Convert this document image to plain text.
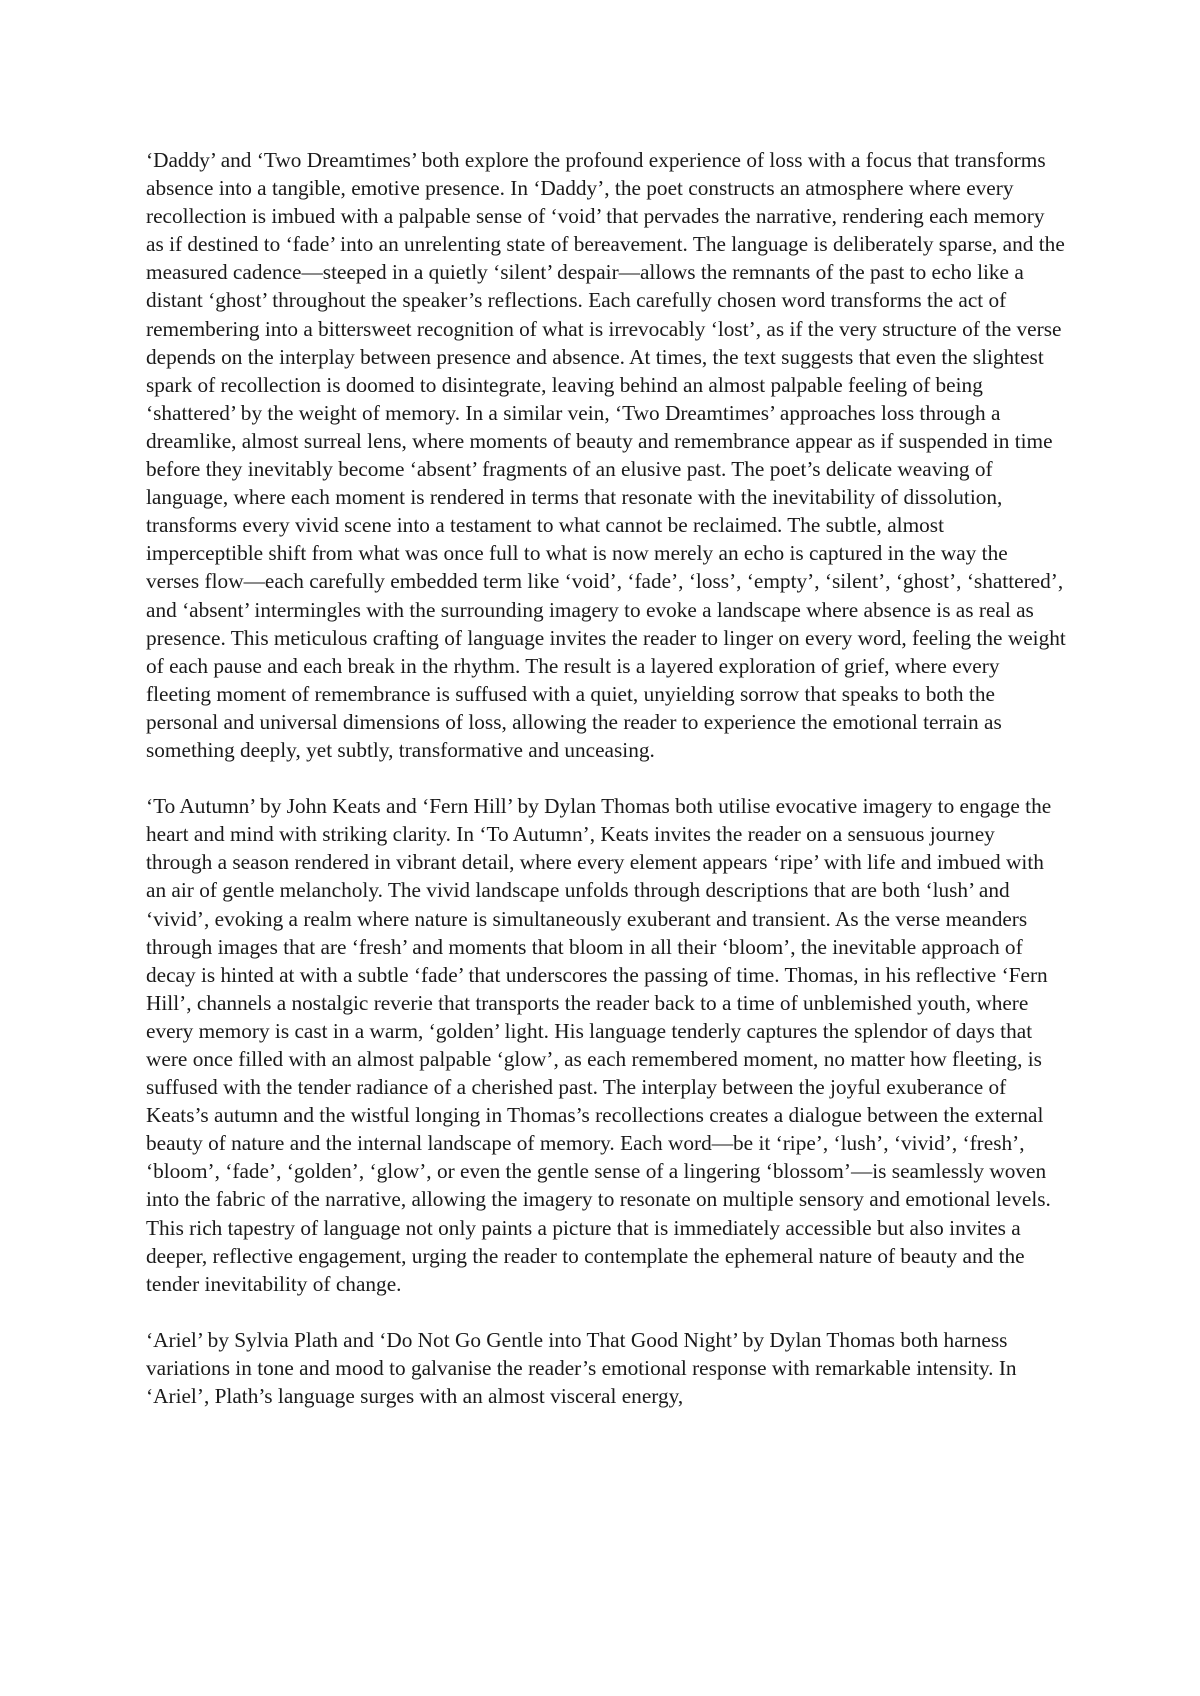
‘Daddy’ and ‘Two Dreamtimes’ both explore the profound experience of loss with a focus that transforms absence into a tangible, emotive presence. In ‘Daddy’, the poet constructs an atmosphere where every recollection is imbued with a palpable sense of ‘void’ that pervades the narrative, rendering each memory as if destined to ‘fade’ into an unrelenting state of bereavement. The language is deliberately sparse, and the measured cadence—steeped in a quietly ‘silent’ despair—allows the remnants of the past to echo like a distant ‘ghost’ throughout the speaker’s reflections. Each carefully chosen word transforms the act of remembering into a bittersweet recognition of what is irrevocably ‘lost’, as if the very structure of the verse depends on the interplay between presence and absence. At times, the text suggests that even the slightest spark of recollection is doomed to disintegrate, leaving behind an almost palpable feeling of being ‘shattered’ by the weight of memory. In a similar vein, ‘Two Dreamtimes’ approaches loss through a dreamlike, almost surreal lens, where moments of beauty and remembrance appear as if suspended in time before they inevitably become ‘absent’ fragments of an elusive past. The poet’s delicate weaving of language, where each moment is rendered in terms that resonate with the inevitability of dissolution, transforms every vivid scene into a testament to what cannot be reclaimed. The subtle, almost imperceptible shift from what was once full to what is now merely an echo is captured in the way the verses flow—each carefully embedded term like ‘void’, ‘fade’, ‘loss’, ‘empty’, ‘silent’, ‘ghost’, ‘shattered’, and ‘absent’ intermingles with the surrounding imagery to evoke a landscape where absence is as real as presence. This meticulous crafting of language invites the reader to linger on every word, feeling the weight of each pause and each break in the rhythm. The result is a layered exploration of grief, where every fleeting moment of remembrance is suffused with a quiet, unyielding sorrow that speaks to both the personal and universal dimensions of loss, allowing the reader to experience the emotional terrain as something deeply, yet subtly, transformative and unceasing.

‘To Autumn’ by John Keats and ‘Fern Hill’ by Dylan Thomas both utilise evocative imagery to engage the heart and mind with striking clarity. In ‘To Autumn’, Keats invites the reader on a sensuous journey through a season rendered in vibrant detail, where every element appears ‘ripe’ with life and imbued with an air of gentle melancholy. The vivid landscape unfolds through descriptions that are both ‘lush’ and ‘vivid’, evoking a realm where nature is simultaneously exuberant and transient. As the verse meanders through images that are ‘fresh’ and moments that bloom in all their ‘bloom’, the inevitable approach of decay is hinted at with a subtle ‘fade’ that underscores the passing of time. Thomas, in his reflective ‘Fern Hill’, channels a nostalgic reverie that transports the reader back to a time of unblemished youth, where every memory is cast in a warm, ‘golden’ light. His language tenderly captures the splendor of days that were once filled with an almost palpable ‘glow’, as each remembered moment, no matter how fleeting, is suffused with the tender radiance of a cherished past. The interplay between the joyful exuberance of Keats’s autumn and the wistful longing in Thomas’s recollections creates a dialogue between the external beauty of nature and the internal landscape of memory. Each word—be it ‘ripe’, ‘lush’, ‘vivid’, ‘fresh’, ‘bloom’, ‘fade’, ‘golden’, ‘glow’, or even the gentle sense of a lingering ‘blossom’—is seamlessly woven into the fabric of the narrative, allowing the imagery to resonate on multiple sensory and emotional levels. This rich tapestry of language not only paints a picture that is immediately accessible but also invites a deeper, reflective engagement, urging the reader to contemplate the ephemeral nature of beauty and the tender inevitability of change.

‘Ariel’ by Sylvia Plath and ‘Do Not Go Gentle into That Good Night’ by Dylan Thomas both harness variations in tone and mood to galvanise the reader’s emotional response with remarkable intensity. In ‘Ariel’, Plath’s language surges with an almost visceral energy,
